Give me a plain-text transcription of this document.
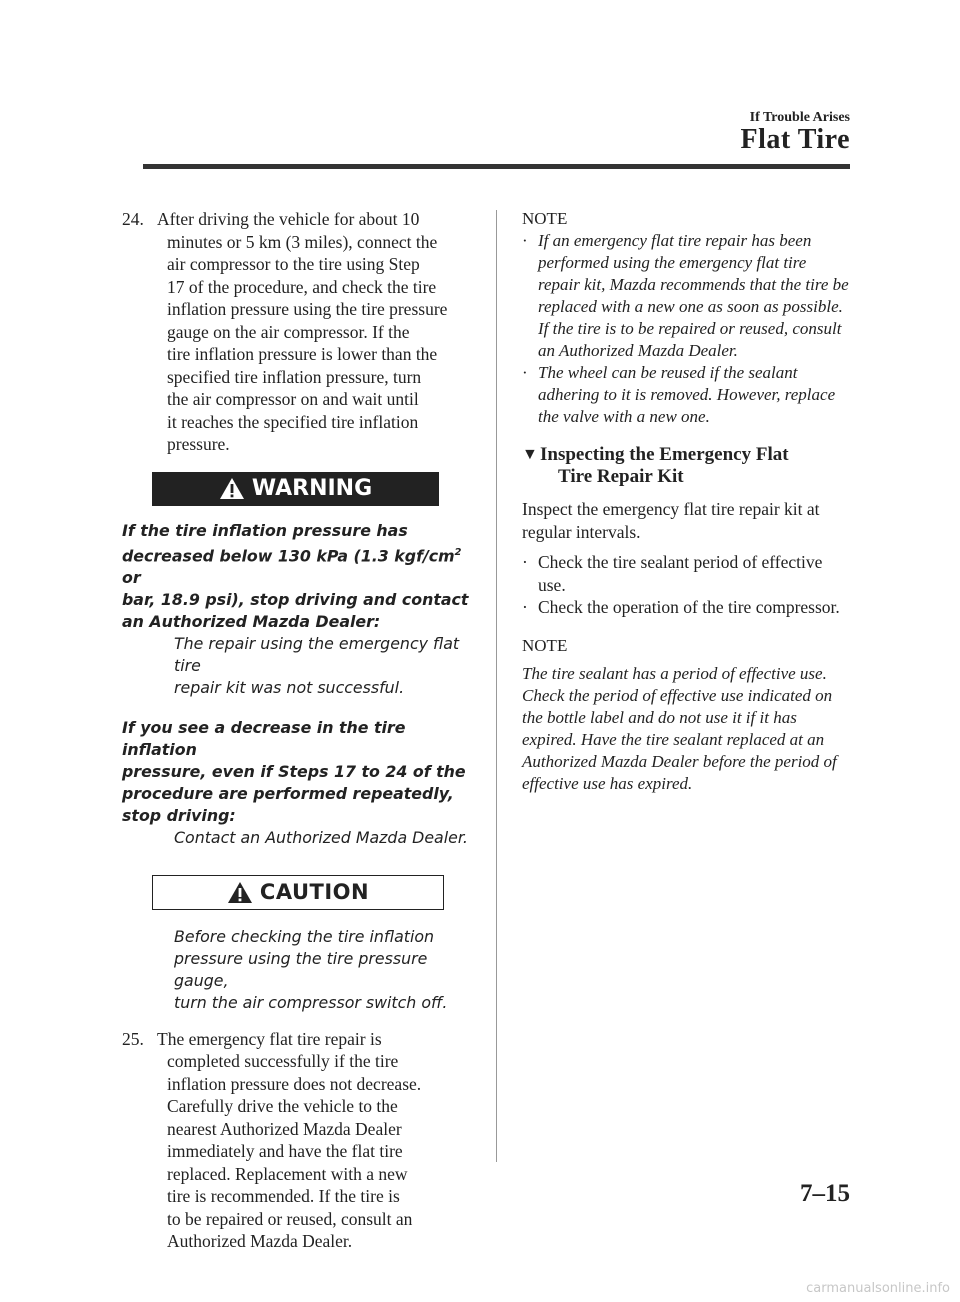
If Trouble Arises
Flat Tire
24. After driving the vehicle for about 10

minutes or 5 km (3 miles), connect the
air compressor to the tire using Step
17 of the procedure, and check the tire
inflation pressure using the tire pressure
gauge on the air compressor. If the
tire inflation pressure is lower than the
specified tire inflation pressure, turn
the air compressor on and wait until
it reaches the specified tire inflation
pressure.
WARNING
If the tire inflation pressure has
decreased below 130 kPa (1.3 kgf/$cm^2$ or
bar, 18.9 psi), stop driving and contact
an Authorized Mazda Dealer:
The repair using the emergency flat tire
repair kit was not successful.
If you see a decrease in the tire inflation
pressure, even if Steps 17 to 24 of the
procedure are performed repeatedly,
stop driving:
Contact an Authorized Mazda Dealer.
CAUTION
Before checking the tire inflation
pressure using the tire pressure gauge,
turn the air compressor switch off.
25. The emergency flat tire repair is

completed successfully if the tire
inflation pressure does not decrease.
Carefully drive the vehicle to the
nearest Authorized Mazda Dealer
immediately and have the flat tire
replaced. Replacement with a new
tire is recommended. If the tire is
to be repaired or reused, consult an
Authorized Mazda Dealer.
NOTE
· If an emergency flat tire repair has been performed using the emergency flat tire repair kit, Mazda recommends that the tire be replaced with a new one as soon as possible. If the tire is to be repaired or reused, consult an Authorized Mazda Dealer.

· The wheel can be reused if the sealant adhering to it is removed. However, replace the valve with a new one.

▼ Inspecting the Emergency Flat
Tire Repair Kit

Inspect the emergency flat tire repair kit at regular intervals.
· Check the tire sealant period of effective use.

· Check the operation of the tire compressor.

NOTE
The tire sealant has a period of effective use. Check the period of effective use indicated on the bottle label and do not use it if it has expired. Have the tire sealant replaced at an Authorized Mazda Dealer before the period of effective use has expired.
7–15
carmanualsonline.info
